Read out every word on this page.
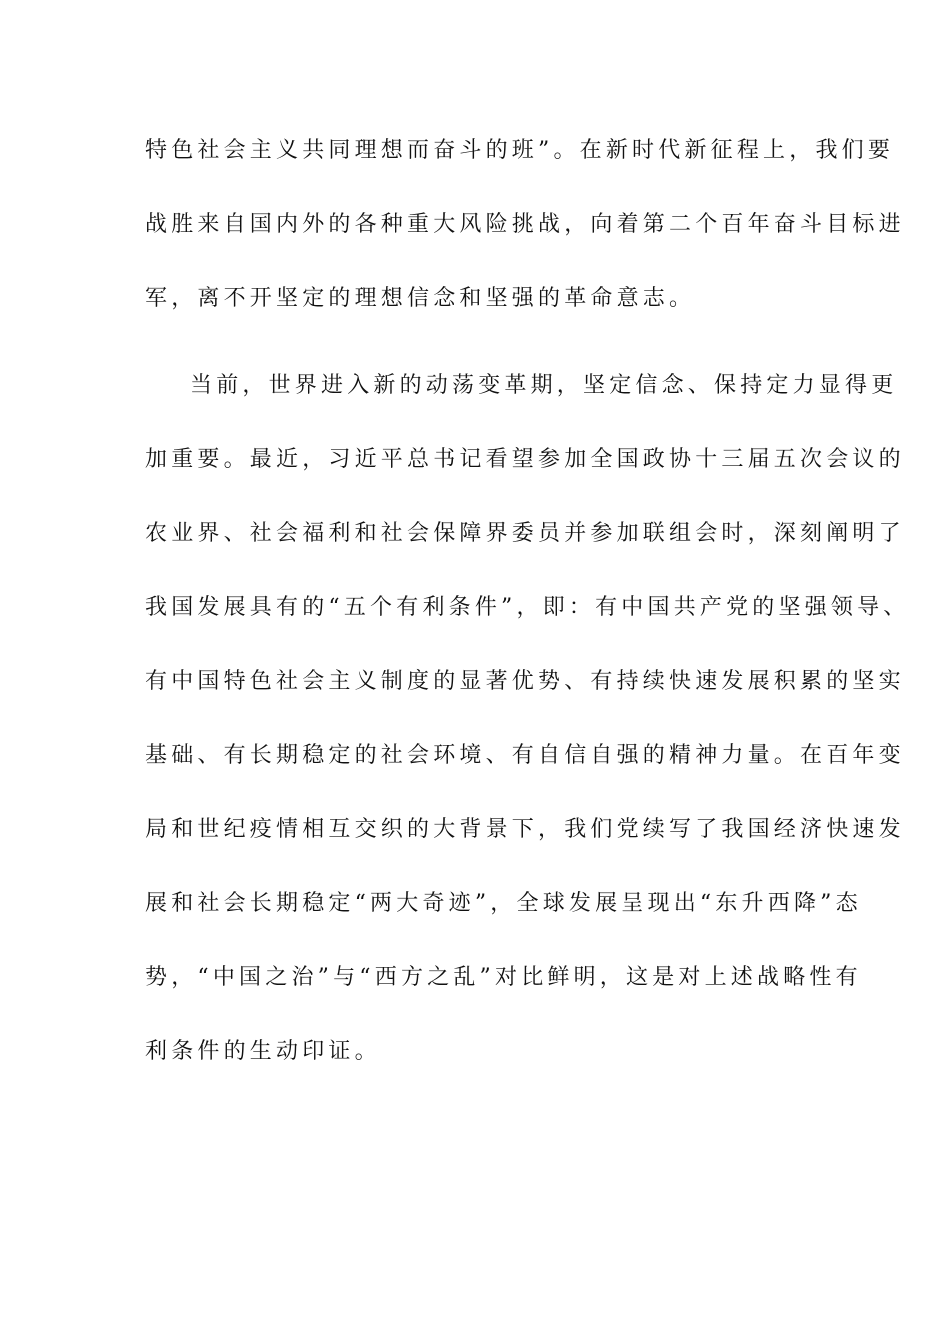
特色社会主义共同理想而奋斗的班”。在新时代新征程上，我们要
战胜来自国内外的各种重大风险挑战，向着第二个百年奋斗目标进
军，离不开坚定的理想信念和坚强的革命意志。
当前，世界进入新的动荡变革期，坚定信念、保持定力显得更
加重要。最近，习近平总书记看望参加全国政协十三届五次会议的
农业界、社会福利和社会保障界委员并参加联组会时，深刻阐明了
我国发展具有的“五个有利条件”，即：有中国共产党的坚强领导、
有中国特色社会主义制度的显著优势、有持续快速发展积累的坚实
基础、有长期稳定的社会环境、有自信自强的精神力量。在百年变
局和世纪疫情相互交织的大背景下，我们党续写了我国经济快速发
展和社会长期稳定“两大奇迹”，全球发展呈现出“东升西降”态
势，“中国之治”与“西方之乱”对比鲜明，这是对上述战略性有
利条件的生动印证。
